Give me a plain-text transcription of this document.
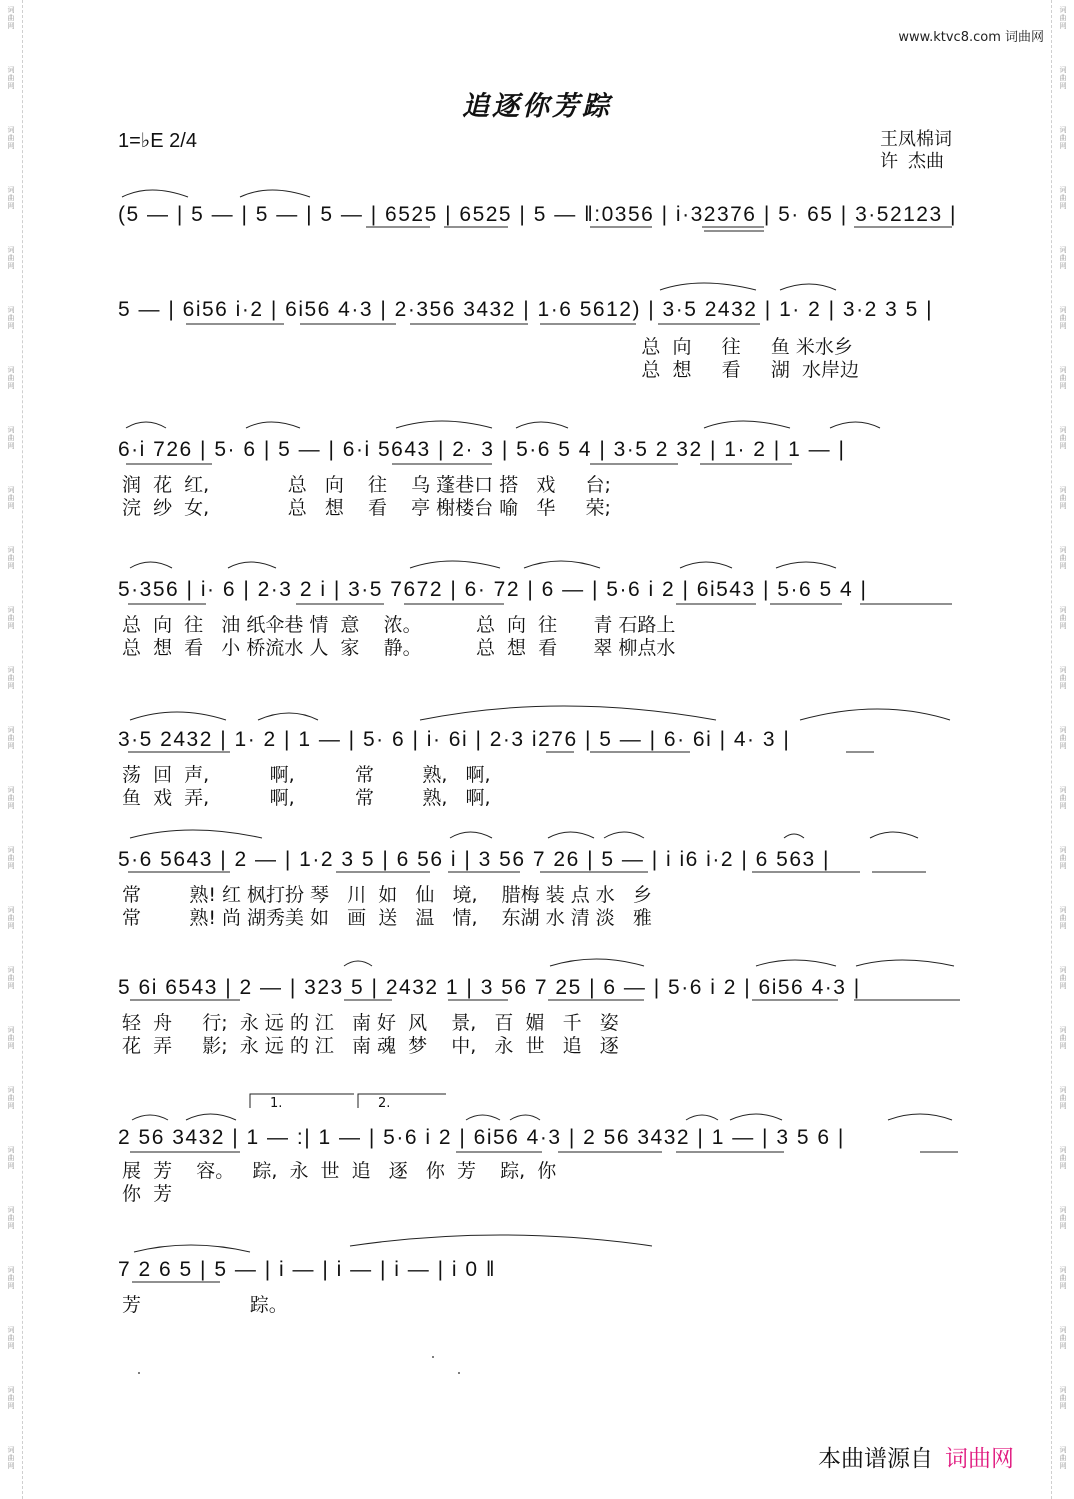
词
曲
网
词
曲
网
词
曲
网
词
曲
网
词
曲
网
词
曲
网
词
曲
网
词
曲
网
词
曲
网
词
曲
网
词
曲
网
词
曲
网
词
曲
网
词
曲
网
词
曲
网
词
曲
网
词
曲
网
词
曲
网
词
曲
网
词
曲
网
词
曲
网
词
曲
网
词
曲
网
词
曲
网
词
曲
网
词
曲
网
词
曲
网
词
曲
网
词
曲
网
词
曲
网
词
曲
网
词
曲
网
词
曲
网
词
曲
网
词
曲
网
词
曲
网
词
曲
网
词
曲
网
词
曲
网
词
曲
网
词
曲
网
词
曲
网
词
曲
网
词
曲
网
词
曲
网
词
曲
网
词
曲
网
词
曲
网
词
曲
网
词
曲
网
www.ktvc8.com 词曲网
追逐你芳踪
1=♭E 2/4	王凤棉词
许  杰曲
(5 — | 5 — | 5 — | 5 — | 6525 | 6525 | 5 — ‖:0356 | i·32376 | 5· 65 | 3·52123 |
5 — | 6i56 i·2 | 6i56 4·3 | 2·356 3432 | 1·6 5612) | 3·5 2432 | 1· 2 | 3·2 3 5 |
总  向     往     鱼 米水乡
总  想     看     湖  水岸边
6·i 726 | 5· 6 | 5 — | 6·i 5643 | 2· 3 | 5·6 5 4 | 3·5 2 32 | 1· 2 | 1 — |
润  花  红,             总   向    往    乌 蓬巷口 搭   戏     台;
浣  纱  女,             总   想    看    亭 榭楼台 喻   华     荣;
5·356 | i· 6 | 2·3 2 i | 3·5 7672 | 6· 72 | 6 — | 5·6 i 2 | 6i543 | 5·6 5 4 |
总  向  往   油 纸伞巷 情  意    浓。         总  向  往      青 石路上
总  想  看   小 桥流水 人  家    静。         总  想  看      翠 柳点水
3·5 2432 | 1· 2 | 1 — | 5· 6 | i· 6i | 2·3 i276 | 5 — | 6· 6i | 4· 3 |
荡  回  声,          啊,          常        熟,   啊,
鱼  戏  弄,          啊,          常        熟,   啊,
5·6 5643 | 2 — | 1·2 3 5 | 6 56 i | 3 56 7 26 | 5 — | i i6 i·2 | 6 563 |
常        熟! 红 枫打扮 琴   川  如   仙   境,    腊梅 装 点 水   乡
常        熟! 尚 湖秀美 如   画  送   温   情,    东湖 水 清 淡   雅
5 6i 6543 | 2 — | 323 5 | 2432 1 | 3 56 7 25 | 6 — | 5·6 i 2 | 6i56 4·3 |
轻  舟     行;  永 远 的 江   南 好  风    景,   百  媚   千   姿
花  弄     影;  永 远 的 江   南 魂  梦    中,   永  世   追   逐
1.	2.
2 56 3432 | 1 — :| 1 — | 5·6 i 2 | 6i56 4·3 | 2 56 3432 | 1 — | 3 5 6 |
展  芳    容。   踪,  永  世  追   逐   你  芳    踪,  你
你  芳
7 2 6 5 | 5 — | i — | i — | i — | i 0 ‖
芳                  踪。
本曲谱源自 词曲网
